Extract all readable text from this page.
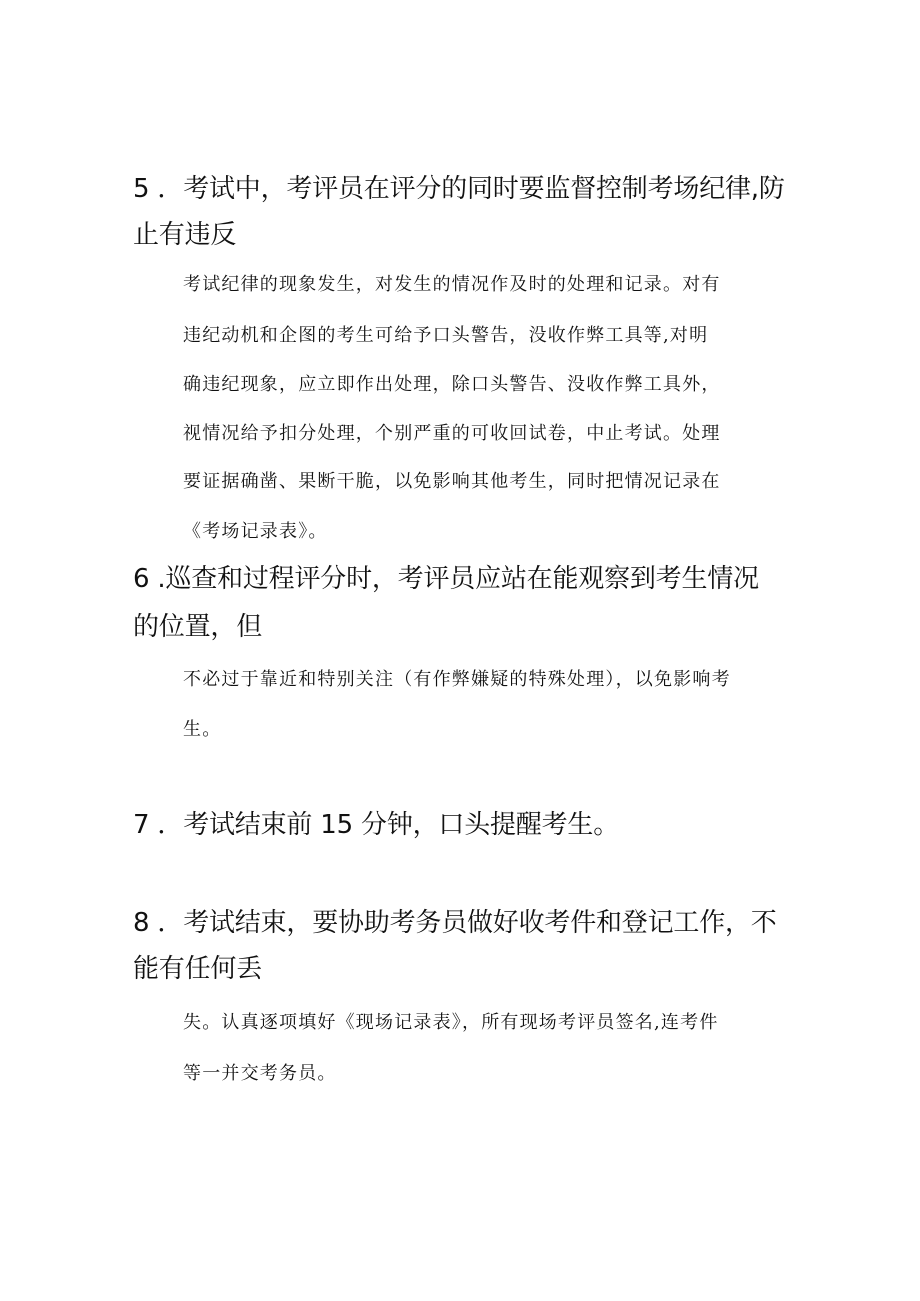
5 ．考试中，考评员在评分的同时要监督控制考场纪律,防

止有违反

考试纪律的现象发生，对发生的情况作及时的处理和记录。对有

违纪动机和企图的考生可给予口头警告，没收作弊工具等,对明

确违纪现象，应立即作出处理，除口头警告、没收作弊工具外，

视情况给予扣分处理，个别严重的可收回试卷，中止考试。处理

要证据确凿、果断干脆，以免影响其他考生，同时把情况记录在

《考场记录表》。

6 .巡查和过程评分时，考评员应站在能观察到考生情况

的位置，但

不必过于靠近和特别关注（有作弊嫌疑的特殊处理），以免影响考

生。

7 ．考试结束前 15 分钟，口头提醒考生。

8 ．考试结束，要协助考务员做好收考件和登记工作，不

能有任何丢

失。认真逐项填好《现场记录表》，所有现场考评员签名,连考件

等一并交考务员。
